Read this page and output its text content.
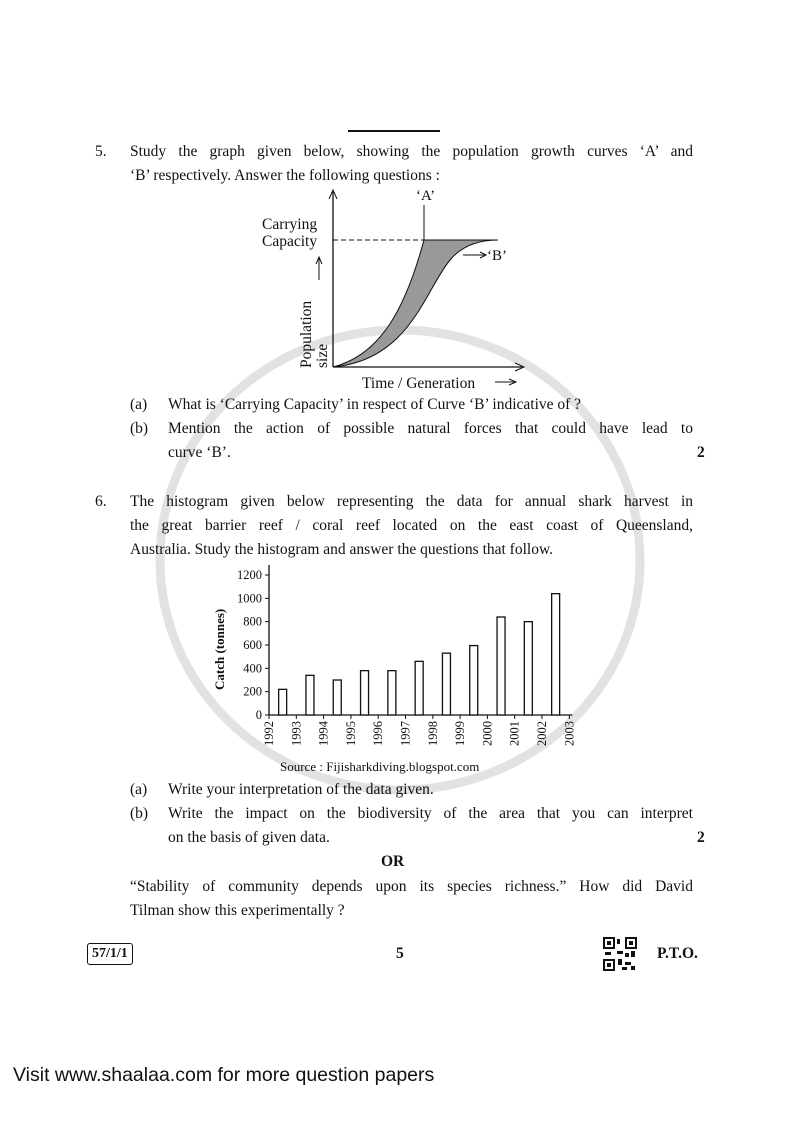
5. Study the graph given below, showing the population growth curves ‘A’ and
‘B’ respectively. Answer the following questions :
‘A’
‘B’
Carrying
Capacity
Population size
Time / Generation
(a) What is ‘Carrying Capacity’ in respect of Curve ‘B’ indicative of ?
(b) Mention the action of possible natural forces that could have lead to
curve ‘B’.	2
6. The histogram given below representing the data for annual shark harvest in
the great barrier reef / coral reef located on the east coast of Queensland,
Australia. Study the histogram and answer the questions that follow.
Catch (tonnes)
Source : Fijisharkdiving.blogspot.com
0
200
400
600
800
1000
1200
1992 1993 1994 1995 1996 1997 1998 1999 2000 2001 2002 2003
(a) Write your interpretation of the data given.
(b) Write the impact on the biodiversity of the area that you can interpret
on the basis of given data.	2
OR
“Stability of community depends upon its species richness.” How did David
Tilman show this experimentally ?
57/1/1	5	P.T.O.
Visit www.shaalaa.com for more question papers
